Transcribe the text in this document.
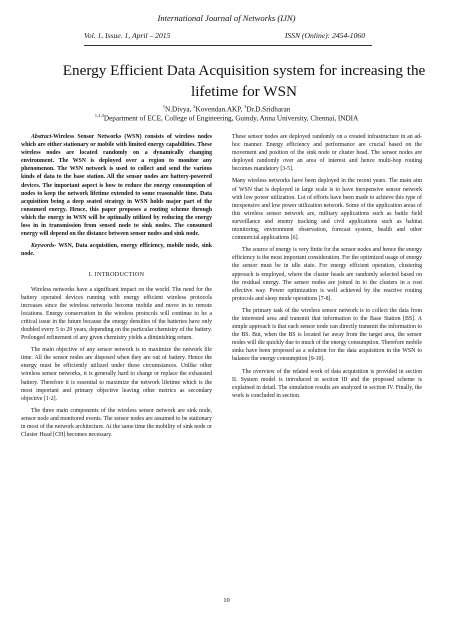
International Journal of Networks (IJN)
Vol. 1, Issue. 1, April – 2015	ISSN (Online): 2454-1060
Energy Efficient Data Acquisition system for increasing the lifetime for WSN
$^1$N.Divya, $^2$Kovendan.AKP, $^3$Dr.D.Sridharan
$^{1,2,3}$Department of ECE, College of Engineering, Guindy, Anna University, Chennai, INDIA

Abstract-Wireless Sensor Networks (WSN) consists of wireless nodes which are either stationary or mobile with limited energy capabilities. These wireless nodes are located randomly on a dynamically changing environment. The WSN is deployed over a region to monitor any phenomenon. The WSN network is used to collect and send the various kinds of data to the base station. All the sensor nodes are battery-powered devices. The important aspect is how to reduce the energy consumption of nodes to keep the network lifetime extended to some reasonable time. Data acquisition being a deep seated strategy in WSN holds major part of the consumed energy. Hence, this paper proposes a routing scheme through which the energy in WSN will be optimally utilized by reducing the energy loss in in transmission from sensed node to sink nodes. The consumed energy will depend on the distance between sensor nodes and sink node.

Keywords- WSN, Data acquisition, energy efficiency, mobile node, sink node.

I. INTRODUCTION

Wireless networks have a significant impact on the world. The need for the battery operated devices running with energy efficient wireless protocols increases since the wireless networks become mobile and move in to remote locations. Energy conservation in the wireless protocols will continue to be a critical issue in the future because the energy densities of the batteries have only doubled every 5 to 20 years, depending on the particular chemistry of the battery. Prolonged refinement of any given chemistry yields a diminishing return.

The main objective of any sensor network is to maximize the network life time. All the sensor nodes are disposed when they are out of battery. Hence the energy must be efficiently utilized under these circumstances. Unlike other wireless sensor networks, it is generally hard to charge or replace the exhausted battery. Therefore it is essential to maximize the network lifetime which is the most important and primary objective leaving other metrics as secondary objective [1-2].

The three main components of the wireless sensor network are sink node, sensor node and monitored events. The sensor nodes are assumed to be stationary in most of the network architecture. At the same time the mobility of sink node or Cluster Head [CH] becomes necessary.

These sensor nodes are deployed randomly on a created infrastructure in an ad-hoc manner. Energy efficiency and performance are crucial based on the movement and position of the sink node or cluster head. The sensor nodes are deployed randomly over an area of interest and hence multi-hop routing becomes mandatory [3-5].

Many wireless networks have been deployed in the recent years. The main aim of WSN that is deployed in large scale is to have inexpensive sensor network with low power utilization. Lot of efforts have been made to achieve this type of inexpensive and low power utilization network. Some of the application areas of this wireless sensor network are, military applications such as battle field surveillance and enemy tracking and civil applications such as habitat monitoring, environment observation, forecast system, health and other commercial applications [6].

The source of energy is very finite for the sensor nodes and hence the energy efficiency is the most important consideration. For the optimized usage of energy the sensor must be in idle state. For energy efficient operation, clustering approach is employed, where the cluster heads are randomly selected based on the residual energy. The sensor nodes are joined in to the clusters in a cost effective way. Power optimization is well achieved by the reactive routing protocols and sleep mode operations [7-8].

The primary task of the wireless sensor network is to collect the data from the interested area and transmit that information to the Base Station [BS]. A simple approach is that each sensor node can directly transmit the information to the BS. But, when the BS is located far away from the target area, the sensor nodes will die quickly due to much of the energy consumption. Therefore mobile sinks have been proposed as a solution for the data acquisition in the WSN to balance the energy consumption [9-10].

The overview of the related work of data acquisition is provided in section II. System model is introduced in section III and the proposed scheme is explained in detail. The simulation results are analyzed in section IV. Finally, the work is concluded in section.

10
